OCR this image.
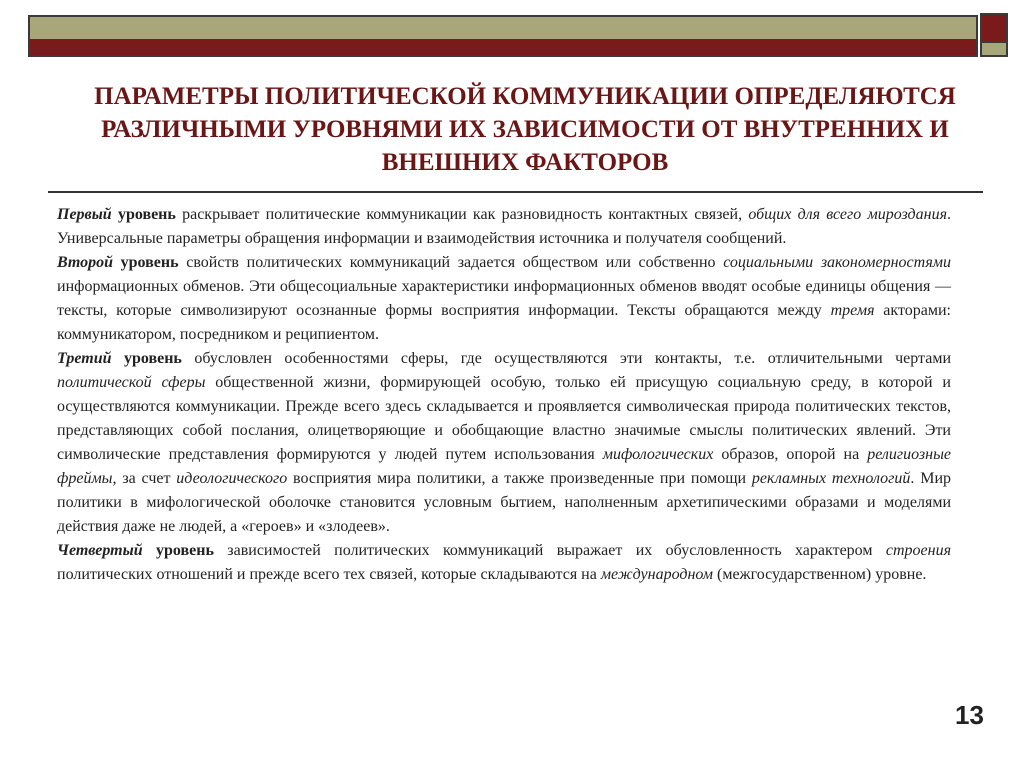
ПАРАМЕТРЫ ПОЛИТИЧЕСКОЙ КОММУНИКАЦИИ ОПРЕДЕЛЯЮТСЯ РАЗЛИЧНЫМИ УРОВНЯМИ ИХ ЗАВИСИМОСТИ ОТ ВНУТРЕННИХ И ВНЕШНИХ ФАКТОРОВ

Первый уровень раскрывает политические коммуникации как разновидность контактных связей, общих для всего мироздания. Универсальные параметры обращения информации и взаимодействия источника и получателя сообщений.

Второй уровень свойств политических коммуникаций задается обществом или собственно социальными закономерностями информационных обменов. Эти общесоциальные характеристики информационных обменов вводят особые единицы общения — тексты, которые символизируют осознанные формы восприятия информации. Тексты обращаются между тремя акторами: коммуникатором, посредником и реципиентом.

Третий уровень обусловлен особенностями сферы, где осуществляются эти контакты, т.е. отличительными чертами политической сферы общественной жизни, формирующей особую, только ей присущую социальную среду, в которой и осуществляются коммуникации. Прежде всего здесь складывается и проявляется символическая природа политических текстов, представляющих собой послания, олицетворяющие и обобщающие властно значимые смыслы политических явлений. Эти символические представления формируются у людей путем использования мифологических образов, опорой на религиозные фреймы, за счет идеологического восприятия мира политики, а также произведенные при помощи рекламных технологий. Мир политики в мифологической оболочке становится условным бытием, наполненным архетипическими образами и моделями действия даже не людей, а «героев» и «злодеев».

Четвертый уровень зависимостей политических коммуникаций выражает их обусловленность характером строения политических отношений и прежде всего тех связей, которые складываются на международном (межгосударственном) уровне.

13
